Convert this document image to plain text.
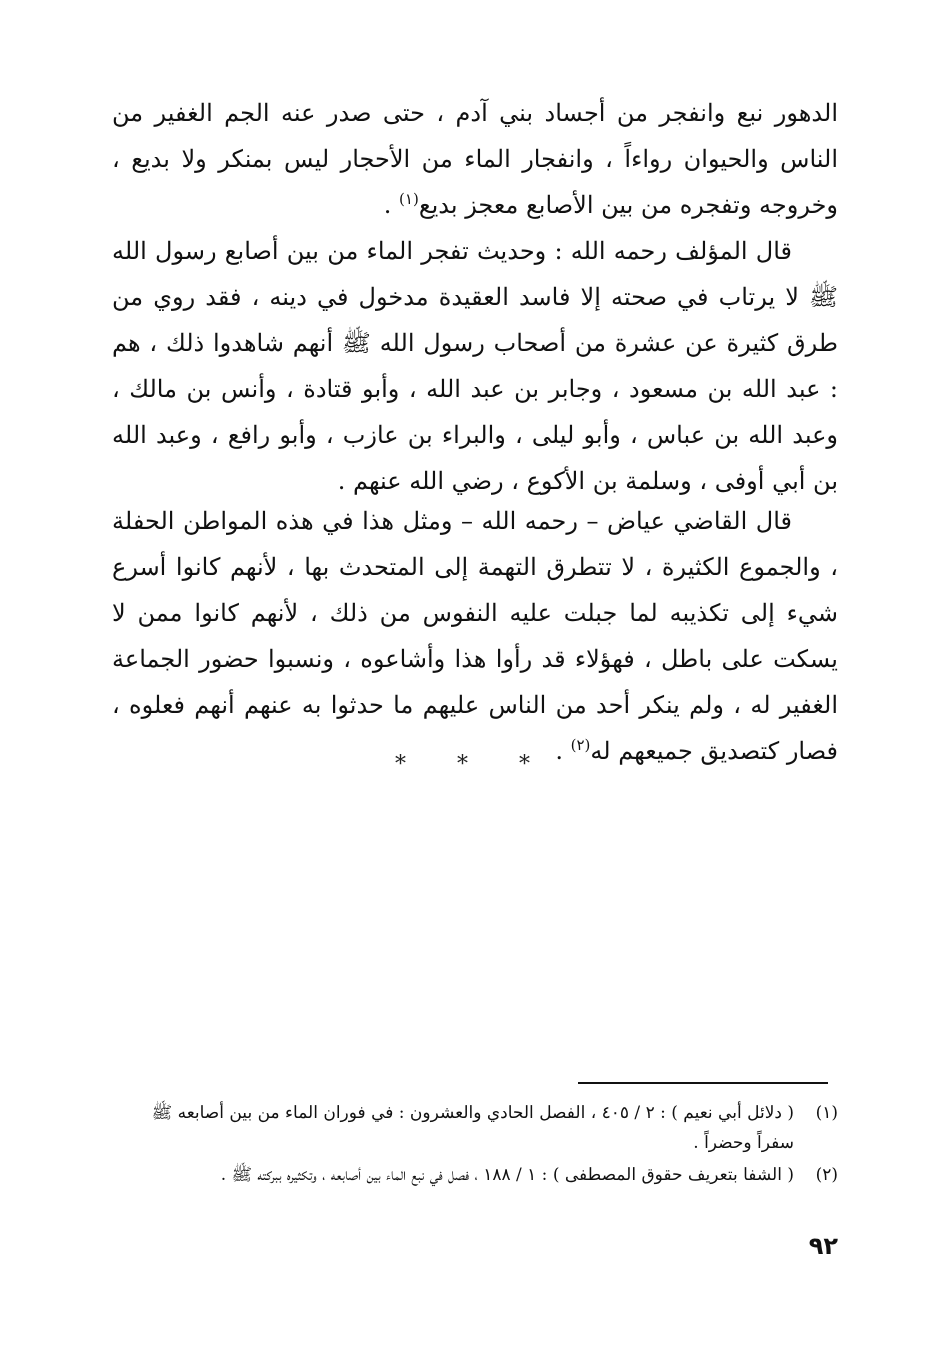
الدهور نبع وانفجر من أجساد بني آدم ، حتى صدر عنه الجم الغفير من الناس والحيوان رواءاً ، وانفجار الماء من الأحجار ليس بمنكر ولا بديع ، وخروجه وتفجره من بين الأصابع معجز بديع$^{(١)}$ .

قال المؤلف رحمه الله : وحديث تفجر الماء من بين أصابع رسول الله ﷺ لا يرتاب في صحته إلا فاسد العقيدة مدخول في دينه ، فقد روي من طرق كثيرة عن عشرة من أصحاب رسول الله ﷺ أنهم شاهدوا ذلك ، هم : عبد الله بن مسعود ، وجابر بن عبد الله ، وأبو قتادة ، وأنس بن مالك ، وعبد الله بن عباس ، وأبو ليلى ، والبراء بن عازب ، وأبو رافع ، وعبد الله بن أبي أوفى ، وسلمة بن الأكوع ، رضي الله عنهم .

قال القاضي عياض – رحمه الله – ومثل هذا في هذه المواطن الحفلة ، والجموع الكثيرة ، لا تتطرق التهمة إلى المتحدث بها ، لأنهم كانوا أسرع شيء إلى تكذيبه لما جبلت عليه النفوس من ذلك ، لأنهم كانوا ممن لا يسكت على باطل ، فهؤلاء قد رأوا هذا وأشاعوه ، ونسبوا حضور الجماعة الغفير له ، ولم ينكر أحد من الناس عليهم ما حدثوا به عنهم أنهم فعلوه ، فصار كتصديق جميعهم له$^{(٢)}$ .

* * *
(١)
( دلائل أبي نعيم ) : ٢ / ٤٠٥ ، الفصل الحادي والعشرون : في فوران الماء من بين أصابعه ﷺ سفراً وحضراً .
(٢)
( الشفا بتعريف حقوق المصطفى ) : ١ / ١٨٨ ، فصل في نبع الماء بين أصابعه ، وتكثيره ببركته ﷺ .
٩٢
